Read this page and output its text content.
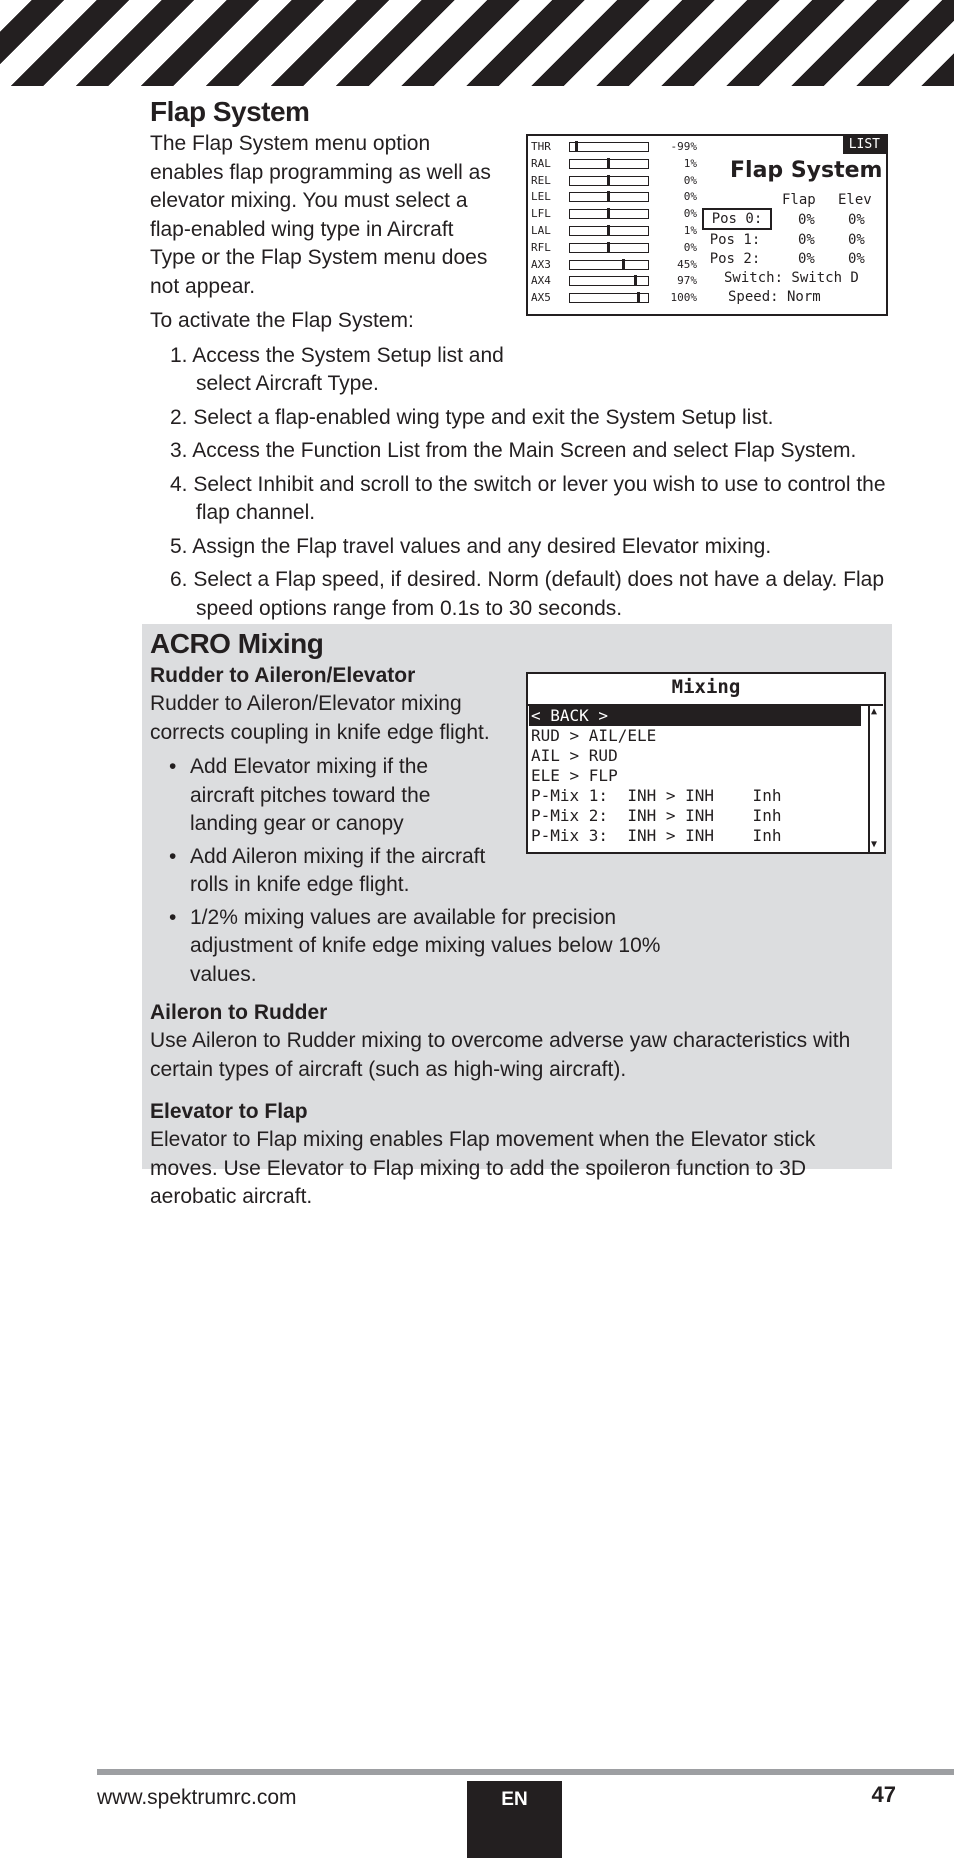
Flap System

The Flap System menu option enables flap programming as well as elevator mixing. You must select a flap-enabled wing type in Aircraft Type or the Flap System menu does not appear.

To activate the Flap System:

1. Access the System Setup list and select Aircraft Type.
2. Select a flap-enabled wing type and exit the System Setup list.
3. Access the Function List from the Main Screen and select Flap System.
4. Select Inhibit and scroll to the switch or lever you wish to use to control the flap channel.
5. Assign the Flap travel values and any desired Elevator mixing.
6. Select a Flap speed, if desired. Norm (default) does not have a delay. Flap speed options range from 0.1s to 30 seconds.
THR	-99%
RAL	1%
REL	0%
LEL	0%
LFL	0%
LAL	1%
RFL	0%
AX3	45%
AX4	97%
AX5	100%
LIST
Flap System
Flap Elev
Pos 0:	0% 0%
Pos 1:	0% 0%
Pos 2:	0% 0%
Switch: Switch D
Speed: Norm
ACRO Mixing
Rudder to Aileron/Elevator

Rudder to Aileron/Elevator mixing corrects coupling in knife edge flight.

• Add Elevator mixing if the aircraft pitches toward the landing gear or canopy
• Add Aileron mixing if the aircraft rolls in knife edge flight.
• 1/2% mixing values are available for precision adjustment of knife edge mixing values below 10% values.
Aileron to Rudder

Use Aileron to Rudder mixing to overcome adverse yaw characteristics with certain types of aircraft (such as high-wing aircraft).

Elevator to Flap

Elevator to Flap mixing enables Flap movement when the Elevator stick moves. Use Elevator to Flap mixing to add the spoileron function to 3D aerobatic aircraft.

Mixing
< BACK >
RUD > AIL/ELE
AIL > RUD
ELE > FLP
P-Mix 1:  INH > INH    Inh
P-Mix 2:  INH > INH    Inh
P-Mix 3:  INH > INH    Inh
▲
▼
www.spektrumrc.com	EN	47
